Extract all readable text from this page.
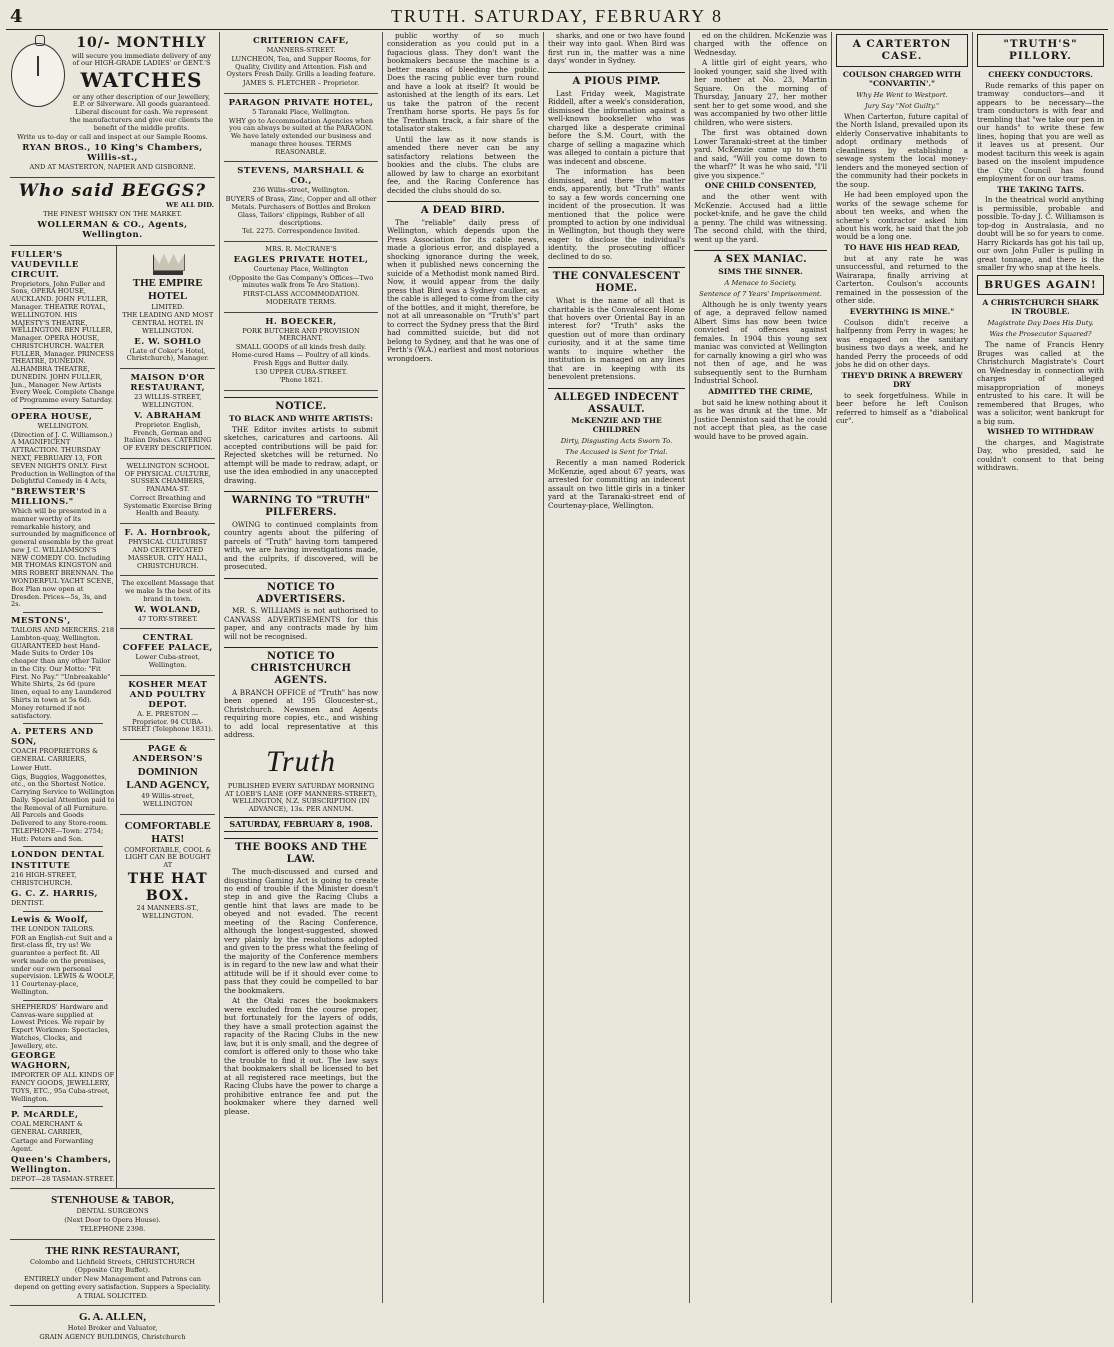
4	TRUTH. SATURDAY, FEBRUARY 8
10/- MONTHLY

will secure you immediate delivery of any of our HIGH-GRADE LADIES' or GENT.'S

WATCHES

or any other description of our Jewellery, E.P. or Silverware. All goods guaranteed. Liberal discount for cash. We represent the manufacturers and give our clients the benefit of the middle profits.

Write us to-day or call and inspect at our Sample Rooms.

RYAN BROS., 10 King's Chambers, Willis-st.,

AND AT MASTERTON, NAPIER AND GISBORNE.

Who said BEGGS?

WE ALL DID.

THE FINEST WHISKY ON THE MARKET.

WOLLERMAN & CO., Agents, Wellington.
FULLER'S VAUDEVILLE CIRCUIT.

Proprietors, John Fuller and Sons, OPERA HOUSE, AUCKLAND. JOHN FULLER, Manager. THEATRE ROYAL, WELLINGTON. HIS MAJESTY'S THEATRE, WELLINGTON. BEN FULLER, Manager. OPERA HOUSE, CHRISTCHURCH. WALTER FULLER, Manager. PRINCESS THEATRE, DUNEDIN. ALHAMBRA THEATRE, DUNEDIN. JOHN FULLER, Jun., Manager. New Artists Every Week. Complete Change of Programme every Saturday.

OPERA HOUSE,

WELLINGTON.

(Direction of J. C. Williamson.) A MAGNIFICENT ATTRACTION. THURSDAY NEXT, FEBRUARY 13, FOR SEVEN NIGHTS ONLY. First Production in Wellington of the Delightful Comedy in 4 Acts,

"BREWSTER'S MILLIONS."

Which will be presented in a manner worthy of its remarkable history, and surrounded by magnificence of general ensemble by the great new J. C. WILLIAMSON'S NEW COMEDY CO. Including MR THOMAS KINGSTON and MRS ROBERT BRENNAN. The WONDERFUL YACHT SCENE, Box Plan now open at Dresden. Prices—5s, 3s, and 2s.

MESTONS',

TAILORS AND MERCERS. 218 Lambton-quay, Wellington. GUARANTEED best Hand-Made Suits to Order 10s cheaper than any other Tailor in the City. Our Motto: "Fit First. No Pay." "Unbreakable" White Shirts, 2s 6d (pure linen, equal to any Laundered Shirts in town at 5s 6d). Money returned if not satisfactory.

A. PETERS AND SON,

COACH PROPRIETORS & GENERAL CARRIERS,

Lower Hutt.

Gigs, Buggies, Waggonettes, etc., on the Shortest Notice. Carrying Service to Wellington Daily. Special Attention paid to the Removal of all Furniture. All Parcels and Goods Delivered to any Store-room. TELEPHONE—Town: 2754; Hutt: Peters and Son.

LONDON DENTAL INSTITUTE

216 HIGH-STREET,

CHRISTCHURCH.

G. C. Z. HARRIS,

DENTIST.

Lewis & Woolf,

THE LONDON TAILORS.

FOR an English-cut Suit and a first-class fit, try us! We guarantee a perfect fit. All work made on the premises, under our own personal supervision. LEWIS & WOOLF, 11 Courtenay-place, Wellington.

SHEPHERDS' Hardware and Canvas-ware supplied at Lowest Prices. We repair by Expert Workmen: Spectacles, Watches, Clocks, and Jewellery, etc.

GEORGE WAGHORN,

IMPORTER OF ALL KINDS OF FANCY GOODS, JEWELLERY, TOYS, ETC., 95a Cuba-street, Wellington.

P. McARDLE,

COAL MERCHANT & GENERAL CARRIER,

Cartage and Forwarding Agent.

Queen's Chambers, Wellington.

DEPOT—28 TASMAN-STREET.

THE EMPIRE HOTEL

LIMITED.

THE LEADING AND MOST CENTRAL HOTEL IN WELLINGTON.

E. W. SOHLO

(Late of Coker's Hotel, Christchurch), Manager.

MAISON D'OR RESTAURANT,

23 WILLIS-STREET, WELLINGTON.

V. ABRAHAM

Proprietor. English, French, German and Italian Dishes. CATERING OF EVERY DESCRIPTION.

WELLINGTON SCHOOL OF PHYSICAL CULTURE, SUSSEX CHAMBERS, PANAMA-ST.

Correct Breathing and Systematic Exercise Bring Health and Beauty.

F. A. Hornbrook,

PHYSICAL CULTURIST AND CERTIFICATED MASSEUR. CITY HALL, CHRISTCHURCH.

The excellent Massage that we make Is the best of its brand in town.

W. WOLAND,

47 TORY-STREET.

CENTRAL COFFEE PALACE,

Lower Cuba-street, Wellington.

KOSHER MEAT AND POULTRY DEPOT.

A. E. PRESTON — Proprietor. 94 CUBA-STREET (Telephone 1831).

PAGE & ANDERSON'S
DOMINION LAND AGENCY,

49 Willis-street, WELLINGTON

COMFORTABLE HATS!

COMFORTABLE, COOL & LIGHT CAN BE BOUGHT AT

THE HAT BOX.

24 MANNERS-ST., WELLINGTON.

STENHOUSE & TABOR,

DENTAL SURGEONS

(Next Door to Opera House).

TELEPHONE 2398.

THE RINK RESTAURANT,

Colombo and Lichfield Streets, CHRISTCHURCH

(Opposite City Buffet).

ENTIRELY under New Management and Patrons can depend on getting every satisfaction. Suppers a Speciality.

A TRIAL SOLICITED.

G. A. ALLEN,

Hotel Broker and Valuator,

GRAIN AGENCY BUILDINGS, Christchurch

CRITERION CAFE,

MANNERS-STREET.

LUNCHEON, Tea, and Supper Rooms, for Quality, Civility and Attention. Fish and Oysters Fresh Daily. Grills a leading feature.

JAMES S. FLETCHER – Proprietor.

PARAGON PRIVATE HOTEL,

5 Taranaki Place, Wellington.

WHY go to Accommodation Agencies when you can always be suited at the PARAGON. We have lately extended our business and manage three houses. TERMS REASONABLE.

STEVENS, MARSHALL & CO.,

236 Willis-street, Wellington.

BUYERS of Brass, Zinc, Copper and all other Metals. Purchasers of Bottles and Broken Glass, Tailors' clippings, Rubber of all descriptions.

Tel. 2275. Correspondence Invited.

MRS. R. McCRANE'S

EAGLES PRIVATE HOTEL,

Courtenay Place, Wellington

(Opposite the Gas Company's Offices—Two minutes walk from Te Aro Station).

FIRST-CLASS ACCOMMODATION. MODERATE TERMS.

H. BOECKER,

PORK BUTCHER AND PROVISION MERCHANT.

SMALL GOODS of all kinds fresh daily. Home-cured Hams — Poultry of all kinds. Fresh Eggs and Butter daily.

130 UPPER CUBA-STREET.

'Phone 1821.

NOTICE.
TO BLACK AND WHITE ARTISTS:

THE Editor invites artists to submit sketches, caricatures and cartoons. All accepted contributions will be paid for. Rejected sketches will be returned. No attempt will be made to redraw, adapt, or use the idea embodied in any unaccepted drawing.

WARNING TO "TRUTH" PILFERERS.

OWING to continued complaints from country agents about the pilfering of parcels of "Truth" having torn tampered with, we are having investigations made, and the culprits, if discovered, will be prosecuted.

NOTICE TO ADVERTISERS.

MR. S. WILLIAMS is not authorised to CANVASS ADVERTISEMENTS for this paper, and any contracts made by him will not be recognised.

NOTICE TO CHRISTCHURCH AGENTS.

A BRANCH OFFICE of "Truth" has now been opened at 195 Gloucester-st., Christchurch. Newsmen and Agents requiring more copies, etc., and wishing to add local representative at this address.

Truth

PUBLISHED EVERY SATURDAY MORNING AT LOEB'S LANE (OFF MANNERS-STREET), WELLINGTON, N.Z. SUBSCRIPTION (IN ADVANCE), 13s. PER ANNUM.

SATURDAY, FEBRUARY 8, 1908.
THE BOOKS AND THE LAW.

The much-discussed and cursed and disgusting Gaming Act is going to create no end of trouble if the Minister doesn't step in and give the Racing Clubs a gentle hint that laws are made to be obeyed and not evaded. The recent meeting of the Racing Conference, although the longest-suggested, showed very plainly by the resolutions adopted and given to the press what the feeling of the majority of the Conference members is in regard to the new law and what their attitude will be if it should ever come to pass that they could be compelled to bar the bookmakers.

At the Otaki races the bookmakers were excluded from the course proper, but fortunately for the layers of odds, they have a small protection against the rapacity of the Racing Clubs in the new law, but it is only small, and the degree of comfort is offered only to those who take the trouble to find it out. The law says that bookmakers shall be licensed to bet at all registered race meetings, but the Racing Clubs have the power to charge a prohibitive entrance fee and put the bookmaker where they darned well please.

public worthy of so much consideration as you could put in a fugacious glass. They don't want the bookmakers because the machine is a better means of bleeding the public. Does the racing public ever turn round and have a look at itself? It would be astonished at the length of its ears. Let us take the patron of the recent Trentham horse sports. He pays 5s for the Trentham track, a fair share of the totalisator stakes.

Until the law as it now stands is amended there never can be any satisfactory relations between the bookies and the clubs. The clubs are allowed by law to charge an exorbitant fee, and the Racing Conference has decided the clubs should do so.

A DEAD BIRD.

The "reliable" daily press of Wellington, which depends upon the Press Association for its cable news, made a glorious error, and displayed a shocking ignorance during the week, when it published news concerning the suicide of a Methodist monk named Bird. Now, it would appear from the daily press that Bird was a Sydney caulker, as the cable is alleged to come from the city of the bottles, and it might, therefore, be not at all unreasonable on "Truth's" part to correct the Sydney press that the Bird had committed suicide, but did not belong to Sydney, and that he was one of Perth's (W.A.) earliest and most notorious wrongdoers.

sharks, and one or two have found their way into gaol. When Bird was first run in, the matter was a nine days' wonder in Sydney.

A PIOUS PIMP.

Last Friday week, Magistrate Riddell, after a week's consideration, dismissed the information against a well-known bookseller who was charged like a desperate criminal before the S.M. Court, with the charge of selling a magazine which was alleged to contain a picture that was indecent and obscene.

The information has been dismissed, and there the matter ends, apparently, but "Truth" wants to say a few words concerning one incident of the prosecution. It was mentioned that the police were prompted to action by one individual in Wellington, but though they were eager to disclose the individual's identity, the prosecuting officer declined to do so.

THE CONVALESCENT HOME.

What is the name of all that is charitable is the Convalescent Home that hovers over Oriental Bay in an interest for? "Truth" asks the question out of more than ordinary curiosity, and it at the same time wants to inquire whether the institution is managed on any lines that are in keeping with its benevolent pretensions.

ALLEGED INDECENT ASSAULT.
McKENZIE AND THE CHILDREN
Dirty, Disgusting Acts Sworn To.
The Accused is Sent for Trial.

Recently a man named Roderick McKenzie, aged about 67 years, was arrested for committing an indecent assault on two little girls in a tinker yard at the Taranaki-street end of Courtenay-place, Wellington.

ed on the children. McKenzie was charged with the offence on Wednesday.

A little girl of eight years, who looked younger, said she lived with her mother at No. 23, Martin Square. On the morning of Thursday, January 27, her mother sent her to get some wood, and she was accompanied by two other little children, who were sisters.

The first was obtained down Lower Taranaki-street at the timber yard. McKenzie came up to them and said, "Will you come down to the wharf?" It was he who said, "I'll give you sixpence."

ONE CHILD CONSENTED,

and the other went with McKenzie. Accused had a little pocket-knife, and he gave the child a penny. The child was witnessing. The second child, with the third, went up the yard.

A SEX MANIAC.
SIMS THE SINNER.
A Menace to Society.
Sentence of 7 Years' Imprisonment.

Although he is only twenty years of age, a depraved fellow named Albert Sims has now been twice convicted of offences against females. In 1904 this young sex maniac was convicted at Wellington for carnally knowing a girl who was not then of age, and he was subsequently sent to the Burnham Industrial School.

ADMITTED THE CRIME,

but said he knew nothing about it as he was drunk at the time. Mr Justice Denniston said that he could not accept that plea, as the case would have to be proved again.

A CARTERTON CASE.
COULSON CHARGED WITH "CONVARTIN'."
Why He Went to Westport.
Jury Say "Not Guilty."

When Carterton, future capital of the North Island, prevailed upon its elderly Conservative inhabitants to adopt ordinary methods of cleanliness by establishing a sewage system the local money-lenders and the moneyed section of the community had their pockets in the soup.

He had been employed upon the works of the sewage scheme for about ten weeks, and when the scheme's contractor asked him about his work, he said that the job would be a long one.

TO HAVE HIS HEAD READ,

but at any rate he was unsuccessful, and returned to the Wairarapa, finally arriving at Carterton. Coulson's accounts remained in the possession of the other side.

EVERYTHING IS MINE."

Coulson didn't receive a halfpenny from Perry in wages; he was engaged on the sanitary business two days a week, and he handed Perry the proceeds of odd jobs he did on other days.

THEY'D DRINK A BREWERY DRY

to seek forgetfulness. While in beer before he left Coulson referred to himself as a "diabolical cur".

"TRUTH'S" PILLORY.
CHEEKY CONDUCTORS.

Rude remarks of this paper on tramway conductors—and it appears to be necessary—the tram conductors is with fear and trembling that "we take our pen in our hands" to write these few lines, hoping that you are well as it leaves us at present. Our modest taciturn this week is again based on the insolent impudence the City Council has found employment for on our trams.

THE TAKING TAITS.

In the theatrical world anything is permissible, probable and possible. To-day J. C. Williamson is top-dog in Australasia, and no doubt will be so for years to come. Harry Rickards has got his tail up, our own John Fuller is pulling in great tonnage, and there is the smaller fry who snap at the heels.

BRUGES AGAIN!
A CHRISTCHURCH SHARK IN TROUBLE.
Magistrate Day Does His Duty.
Was the Prosecutor Squared?

The name of Francis Henry Bruges was called at the Christchurch Magistrate's Court on Wednesday in connection with charges of alleged misappropriation of moneys entrusted to his care. It will be remembered that Bruges, who was a solicitor, went bankrupt for a big sum.

WISHED TO WITHDRAW

the charges, and Magistrate Day, who presided, said he couldn't consent to that being withdrawn.
